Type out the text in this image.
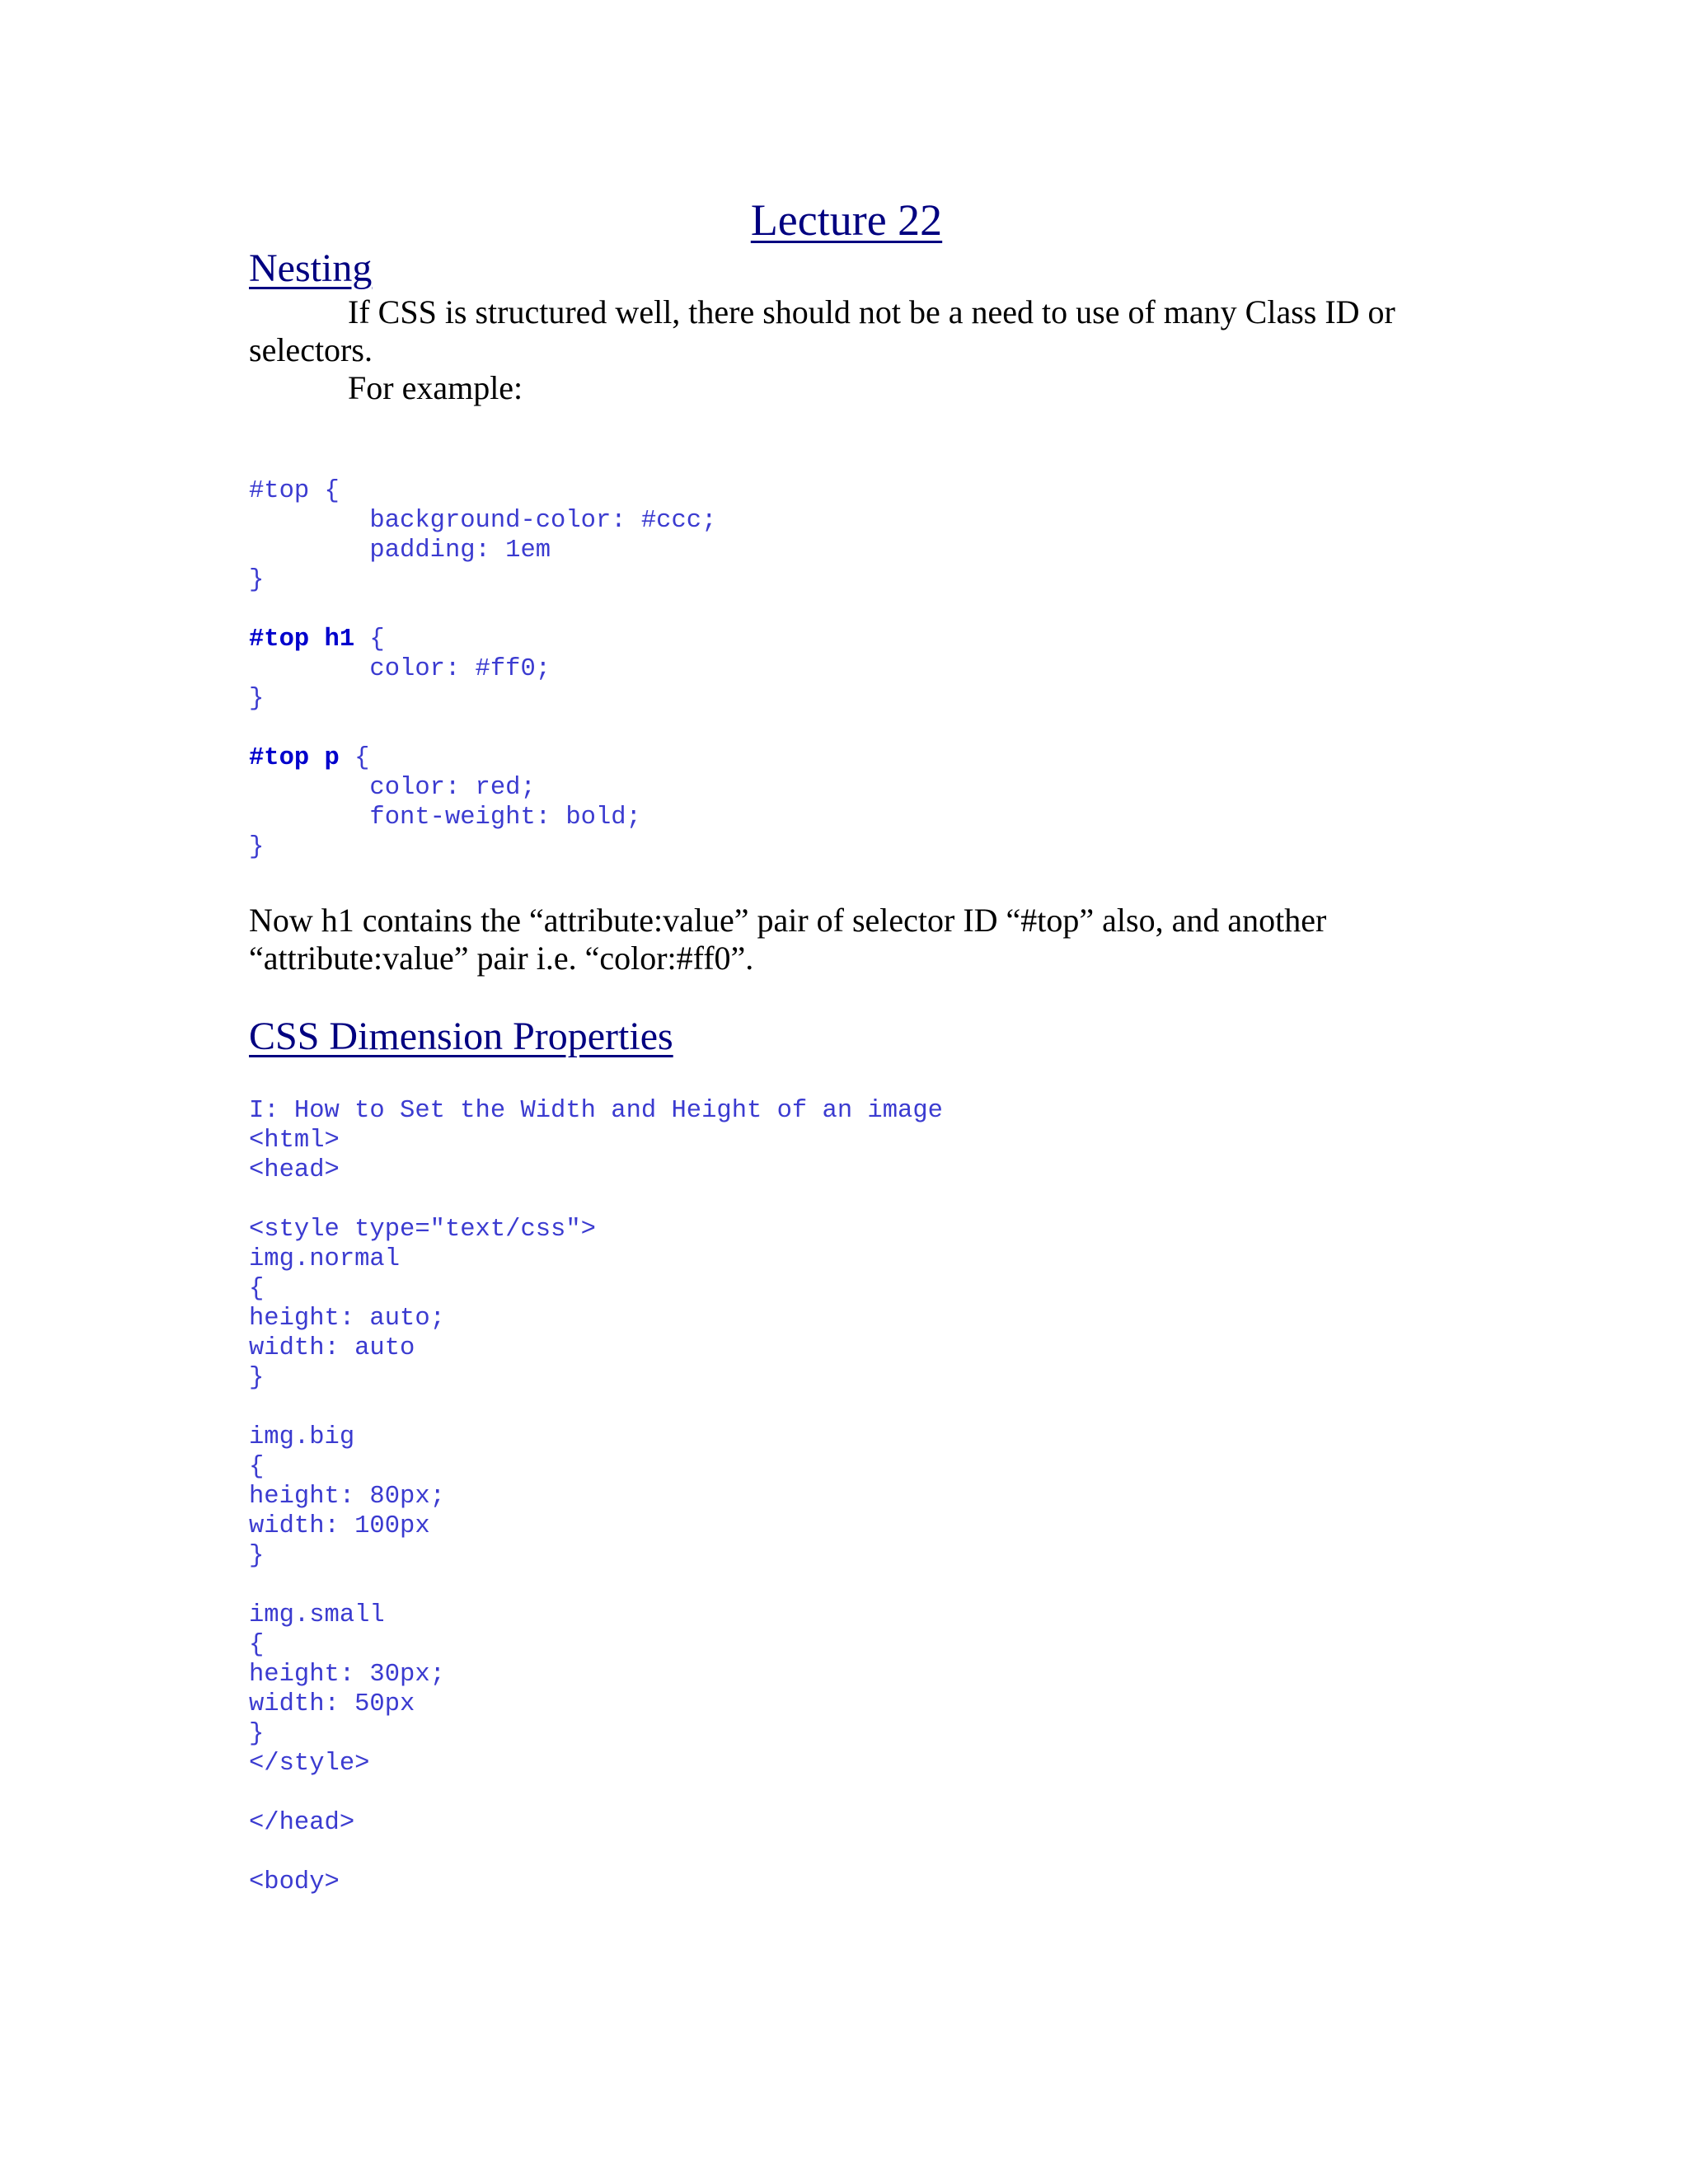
Lecture 22
Nesting
If CSS is structured well, there should not be a need to use of many Class ID or
selectors.
For example:
#top {
background-color: #ccc;
padding: 1em
}
#top h1 {
color: #ff0;
}
#top p {
color: red;
font-weight: bold;
}
Now h1 contains the “attribute:value” pair of selector ID “#top” also, and another
“attribute:value” pair i.e. “color:#ff0”.
CSS Dimension Properties
I: How to Set the Width and Height of an image
<html>
<head>
<style type="text/css">
img.normal
{
height: auto;
width: auto
}
img.big
{
height: 80px;
width: 100px
}
img.small
{
height: 30px;
width: 50px
}
</style>
</head>
<body>
